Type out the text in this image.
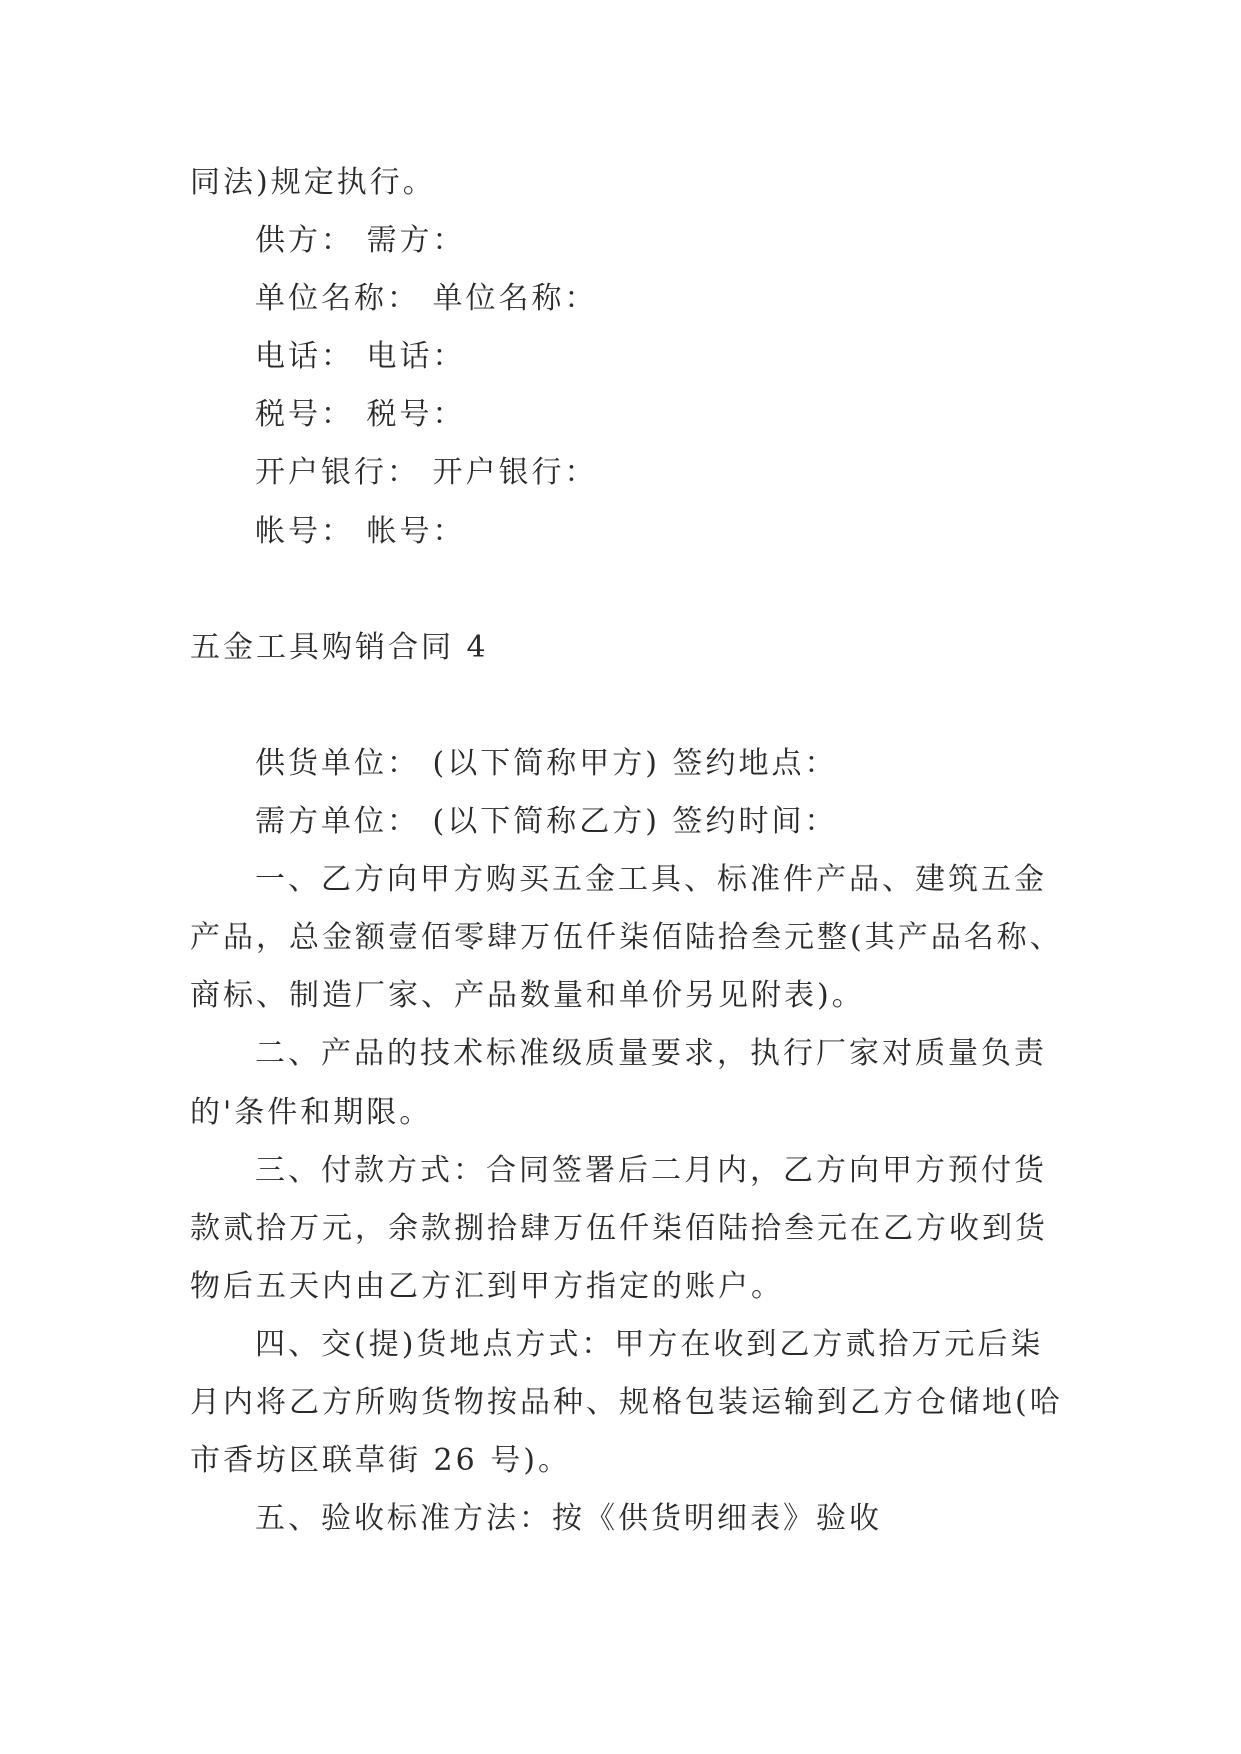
同法)规定执行。
供方： 需方：
单位名称： 单位名称：
电话： 电话：
税号： 税号：
开户银行： 开户银行：
帐号： 帐号：
五金工具购销合同 4
供货单位： (以下简称甲方) 签约地点：
需方单位： (以下简称乙方) 签约时间：
一、乙方向甲方购买五金工具、标准件产品、建筑五金
产品，总金额壹佰零肆万伍仟柒佰陆拾叁元整(其产品名称、
商标、制造厂家、产品数量和单价另见附表)。
二、产品的技术标准级质量要求，执行厂家对质量负责
的'条件和期限。
三、付款方式：合同签署后二月内，乙方向甲方预付货
款贰拾万元，余款捌拾肆万伍仟柒佰陆拾叁元在乙方收到货
物后五天内由乙方汇到甲方指定的账户。
四、交(提)货地点方式：甲方在收到乙方贰拾万元后柒
月内将乙方所购货物按品种、规格包装运输到乙方仓储地(哈
市香坊区联草街 26 号)。
五、验收标准方法：按《供货明细表》验收
